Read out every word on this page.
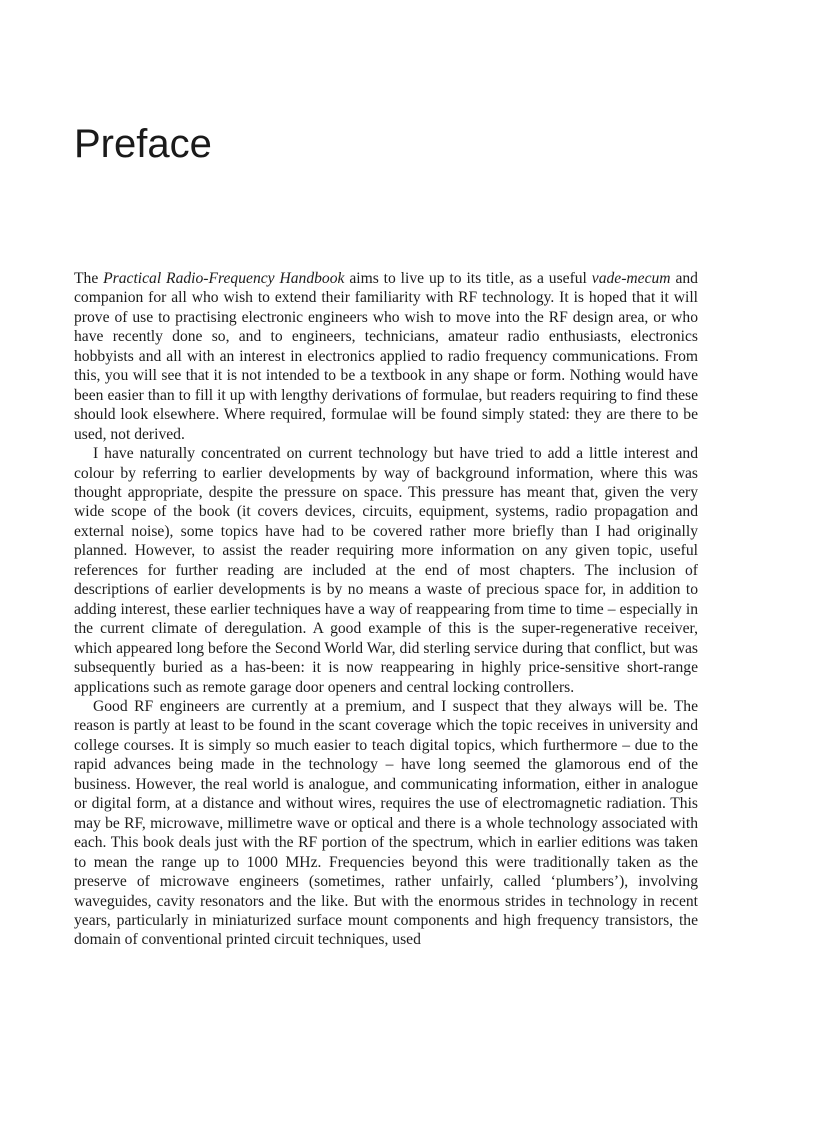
Preface

The Practical Radio-Frequency Handbook aims to live up to its title, as a useful vade-mecum and companion for all who wish to extend their familiarity with RF technology. It is hoped that it will prove of use to practising electronic engineers who wish to move into the RF design area, or who have recently done so, and to engineers, technicians, amateur radio enthusiasts, electronics hobbyists and all with an interest in electronics applied to radio frequency communications. From this, you will see that it is not intended to be a textbook in any shape or form. Nothing would have been easier than to fill it up with lengthy derivations of formulae, but readers requiring to find these should look elsewhere. Where required, formulae will be found simply stated: they are there to be used, not derived.

I have naturally concentrated on current technology but have tried to add a little interest and colour by referring to earlier developments by way of background information, where this was thought appropriate, despite the pressure on space. This pressure has meant that, given the very wide scope of the book (it covers devices, circuits, equipment, systems, radio propagation and external noise), some topics have had to be covered rather more briefly than I had originally planned. However, to assist the reader requiring more information on any given topic, useful references for further reading are included at the end of most chapters. The inclusion of descriptions of earlier developments is by no means a waste of precious space for, in addition to adding interest, these earlier techniques have a way of reappearing from time to time – especially in the current climate of deregulation. A good example of this is the super-regenerative receiver, which appeared long before the Second World War, did sterling service during that conflict, but was subsequently buried as a has-been: it is now reappearing in highly price-sensitive short-range applications such as remote garage door openers and central locking controllers.

Good RF engineers are currently at a premium, and I suspect that they always will be. The reason is partly at least to be found in the scant coverage which the topic receives in university and college courses. It is simply so much easier to teach digital topics, which furthermore – due to the rapid advances being made in the technology – have long seemed the glamorous end of the business. However, the real world is analogue, and communicating information, either in analogue or digital form, at a distance and without wires, requires the use of electromagnetic radiation. This may be RF, microwave, millimetre wave or optical and there is a whole technology associated with each. This book deals just with the RF portion of the spectrum, which in earlier editions was taken to mean the range up to 1000 MHz. Frequencies beyond this were traditionally taken as the preserve of microwave engineers (sometimes, rather unfairly, called ‘plumbers’), involving waveguides, cavity resonators and the like. But with the enormous strides in technology in recent years, particularly in miniaturized surface mount components and high frequency transistors, the domain of conventional printed circuit techniques, used
